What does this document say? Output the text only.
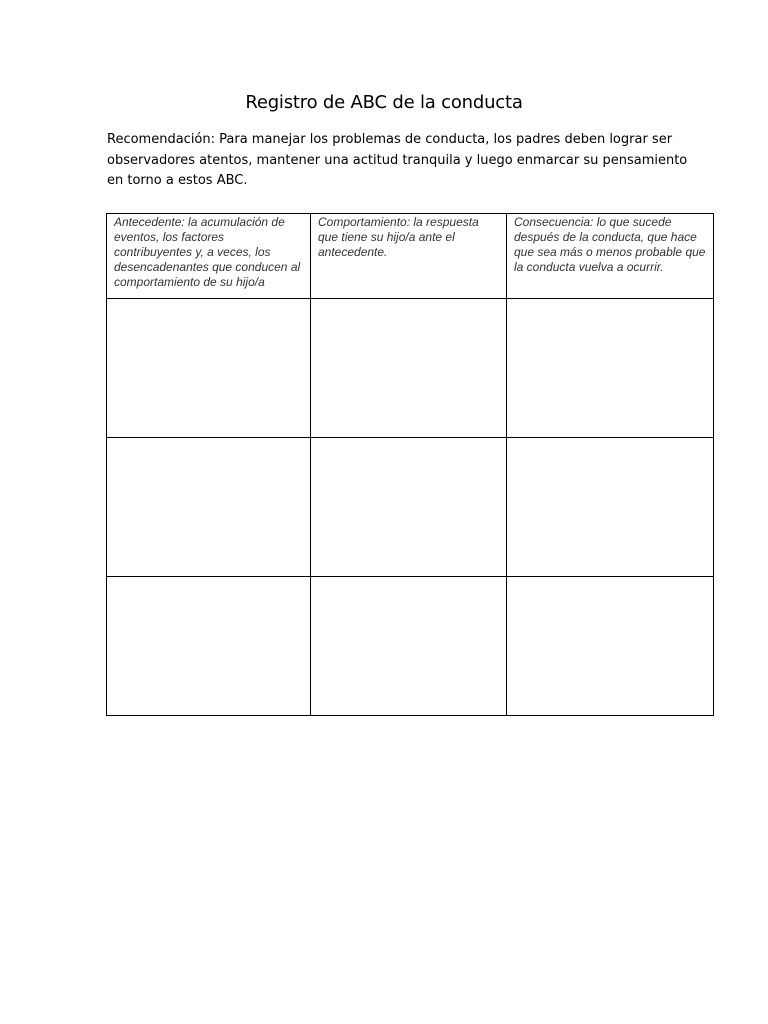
Registro de ABC de la conducta
Recomendación: Para manejar los problemas de conducta, los padres deben lograr ser
observadores atentos, mantener una actitud tranquila y luego enmarcar su pensamiento
en torno a estos ABC.
Antecedente: la acumulación de eventos, los factores contribuyentes y, a veces, los desencadenantes que conducen al comportamiento de su hijo/a	Comportamiento: la respuesta que tiene su hijo/a ante el antecedente.	Consecuencia: lo que sucede después de la conducta, que hace que sea más o menos probable que la conducta vuelva a ocurrir.
